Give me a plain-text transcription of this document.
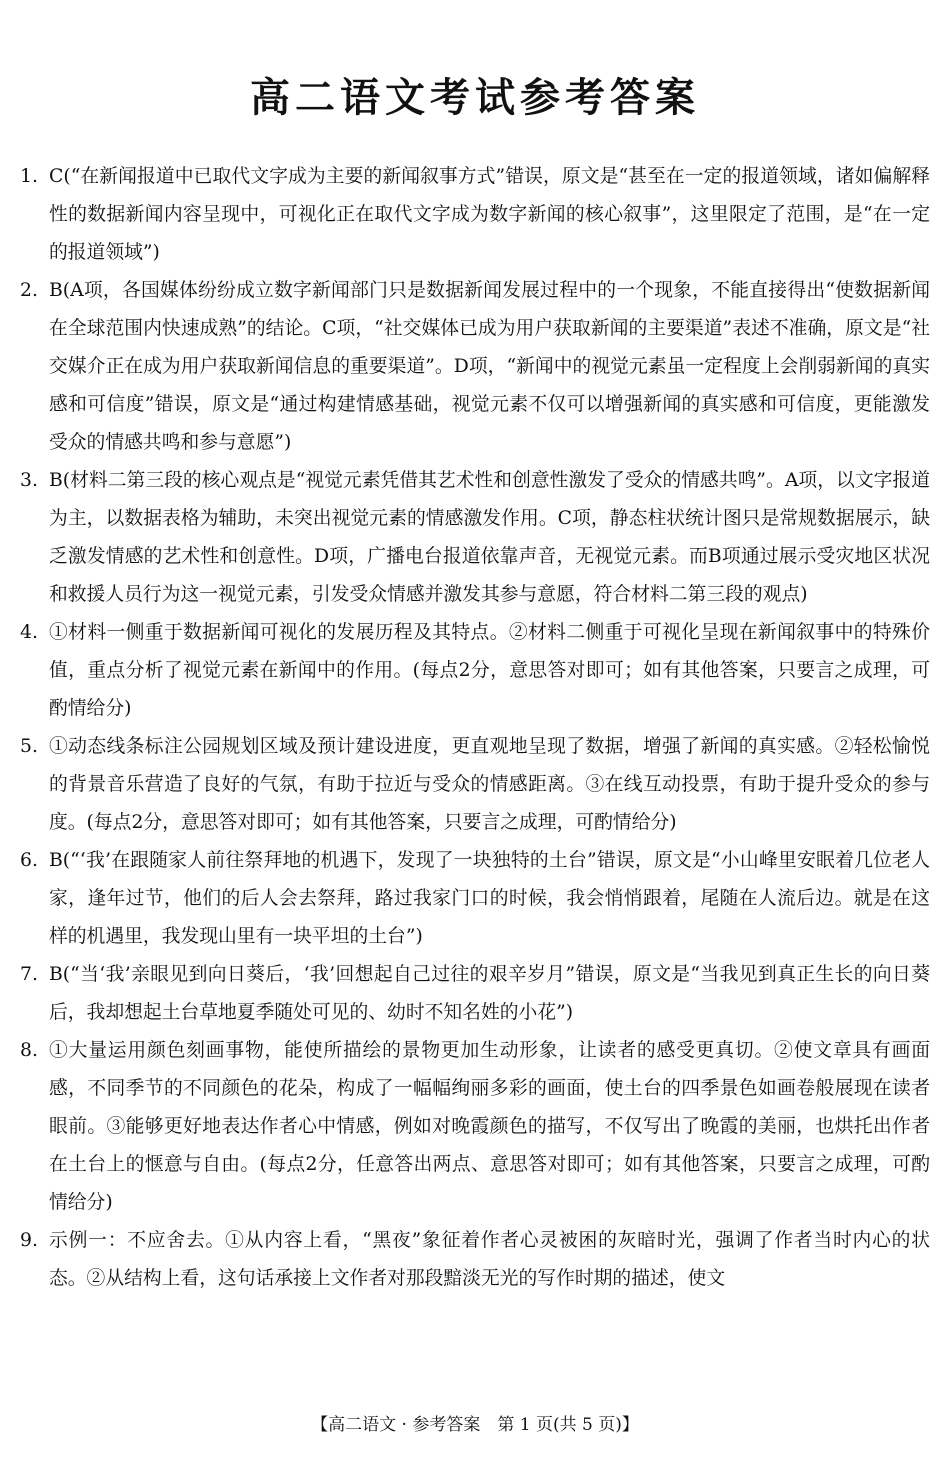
高二语文考试参考答案
1. C(“在新闻报道中已取代文字成为主要的新闻叙事方式”错误，原文是“甚至在一定的报道领域，诸如偏解释性的数据新闻内容呈现中，可视化正在取代文字成为数字新闻的核心叙事”，这里限定了范围，是“在一定的报道领域”)
2. B(A项，各国媒体纷纷成立数字新闻部门只是数据新闻发展过程中的一个现象，不能直接得出“使数据新闻在全球范围内快速成熟”的结论。C项，“社交媒体已成为用户获取新闻的主要渠道”表述不准确，原文是“社交媒介正在成为用户获取新闻信息的重要渠道”。D项，“新闻中的视觉元素虽一定程度上会削弱新闻的真实感和可信度”错误，原文是“通过构建情感基础，视觉元素不仅可以增强新闻的真实感和可信度，更能激发受众的情感共鸣和参与意愿”)
3. B(材料二第三段的核心观点是“视觉元素凭借其艺术性和创意性激发了受众的情感共鸣”。A项，以文字报道为主，以数据表格为辅助，未突出视觉元素的情感激发作用。C项，静态柱状统计图只是常规数据展示，缺乏激发情感的艺术性和创意性。D项，广播电台报道依靠声音，无视觉元素。而B项通过展示受灾地区状况和救援人员行为这一视觉元素，引发受众情感并激发其参与意愿，符合材料二第三段的观点)
4. ①材料一侧重于数据新闻可视化的发展历程及其特点。②材料二侧重于可视化呈现在新闻叙事中的特殊价值，重点分析了视觉元素在新闻中的作用。(每点2分，意思答对即可；如有其他答案，只要言之成理，可酌情给分)
5. ①动态线条标注公园规划区域及预计建设进度，更直观地呈现了数据，增强了新闻的真实感。②轻松愉悦的背景音乐营造了良好的气氛，有助于拉近与受众的情感距离。③在线互动投票，有助于提升受众的参与度。(每点2分，意思答对即可；如有其他答案，只要言之成理，可酌情给分)
6. B(“‘我’在跟随家人前往祭拜地的机遇下，发现了一块独特的土台”错误，原文是“小山峰里安眠着几位老人家，逢年过节，他们的后人会去祭拜，路过我家门口的时候，我会悄悄跟着，尾随在人流后边。就是在这样的机遇里，我发现山里有一块平坦的土台”)
7. B(“当‘我’亲眼见到向日葵后，‘我’回想起自己过往的艰辛岁月”错误，原文是“当我见到真正生长的向日葵后，我却想起土台草地夏季随处可见的、幼时不知名姓的小花”)
8. ①大量运用颜色刻画事物，能使所描绘的景物更加生动形象，让读者的感受更真切。②使文章具有画面感，不同季节的不同颜色的花朵，构成了一幅幅绚丽多彩的画面，使土台的四季景色如画卷般展现在读者眼前。③能够更好地表达作者心中情感，例如对晚霞颜色的描写，不仅写出了晚霞的美丽，也烘托出作者在土台上的惬意与自由。(每点2分，任意答出两点、意思答对即可；如有其他答案，只要言之成理，可酌情给分)
9. 示例一：不应舍去。①从内容上看，“黑夜”象征着作者心灵被困的灰暗时光，强调了作者当时内心的状态。②从结构上看，这句话承接上文作者对那段黯淡无光的写作时期的描述，使文
【高二语文 · 参考答案　第 1 页(共 5 页)】
